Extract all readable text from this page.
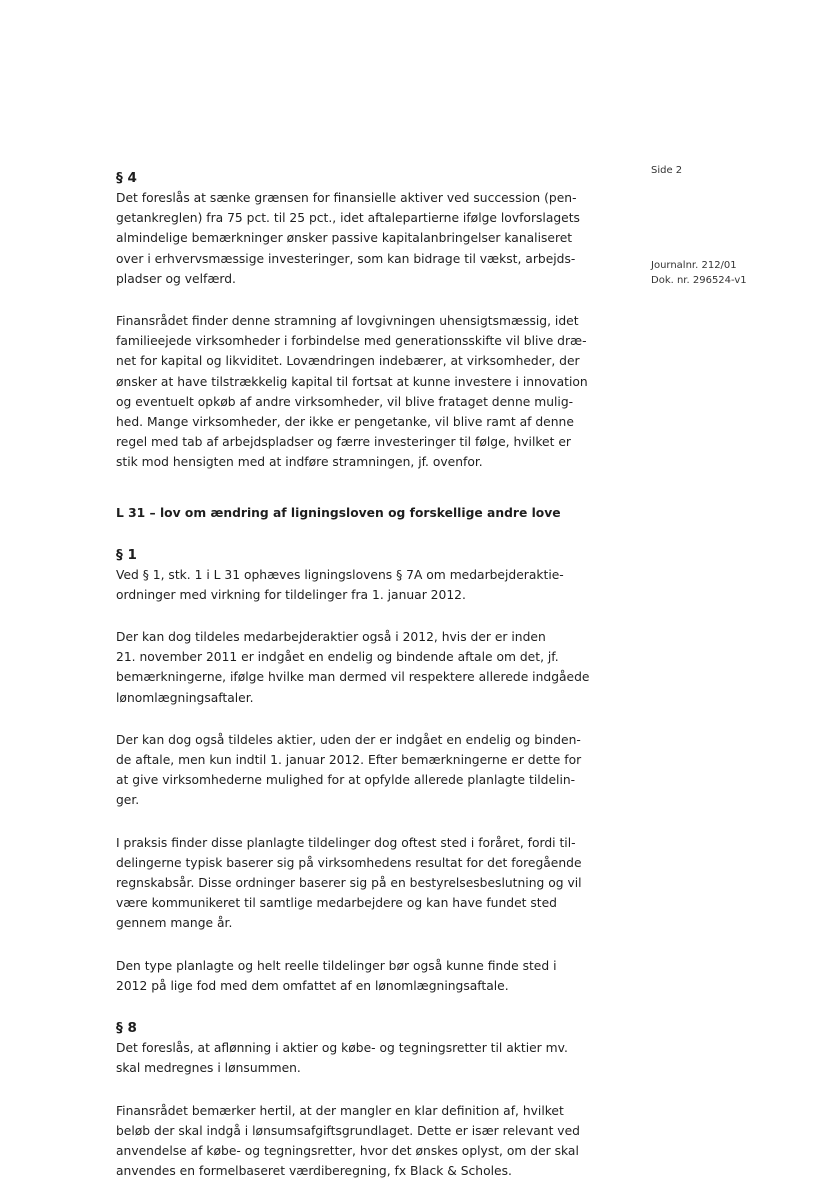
Side 2
Journalnr. 212/01
Dok. nr. 296524-v1

§ 4

Det foreslås at sænke grænsen for finansielle aktiver ved succession (pen-
getankreglen) fra 75 pct. til 25 pct., idet aftalepartierne ifølge lovforslagets
almindelige bemærkninger ønsker passive kapitalanbringelser kanaliseret
over i erhvervsmæssige investeringer, som kan bidrage til vækst, arbejds-
pladser og velfærd.

Finansrådet finder denne stramning af lovgivningen uhensigtsmæssig, idet
familieejede virksomheder i forbindelse med generationsskifte vil blive dræ-
net for kapital og likviditet. Lovændringen indebærer, at virksomheder, der
ønsker at have tilstrækkelig kapital til fortsat at kunne investere i innovation
og eventuelt opkøb af andre virksomheder, vil blive frataget denne mulig-
hed. Mange virksomheder, der ikke er pengetanke, vil blive ramt af denne
regel med tab af arbejdspladser og færre investeringer til følge, hvilket er
stik mod hensigten med at indføre stramningen, jf. ovenfor.

L 31 – lov om ændring af ligningsloven og forskellige andre love

§ 1

Ved § 1, stk. 1 i L 31 ophæves ligningslovens § 7A om medarbejderaktie-
ordninger med virkning for tildelinger fra 1. januar 2012.

Der kan dog tildeles medarbejderaktier også i 2012, hvis der er inden
21. november 2011 er indgået en endelig og bindende aftale om det, jf.
bemærkningerne, ifølge hvilke man dermed vil respektere allerede indgåede
lønomlægningsaftaler.

Der kan dog også tildeles aktier, uden der er indgået en endelig og binden-
de aftale, men kun indtil 1. januar 2012. Efter bemærkningerne er dette for
at give virksomhederne mulighed for at opfylde allerede planlagte tildelin-
ger.

I praksis finder disse planlagte tildelinger dog oftest sted i foråret, fordi til-
delingerne typisk baserer sig på virksomhedens resultat for det foregående
regnskabsår. Disse ordninger baserer sig på en bestyrelsesbeslutning og vil
være kommunikeret til samtlige medarbejdere og kan have fundet sted
gennem mange år.

Den type planlagte og helt reelle tildelinger bør også kunne finde sted i
2012 på lige fod med dem omfattet af en lønomlægningsaftale.

§ 8

Det foreslås, at aflønning i aktier og købe- og tegningsretter til aktier mv.
skal medregnes i lønsummen.

Finansrådet bemærker hertil, at der mangler en klar definition af, hvilket
beløb der skal indgå i lønsumsafgiftsgrundlaget. Dette er især relevant ved
anvendelse af købe- og tegningsretter, hvor det ønskes oplyst, om der skal
anvendes en formelbaseret værdiberegning, fx Black & Scholes.
